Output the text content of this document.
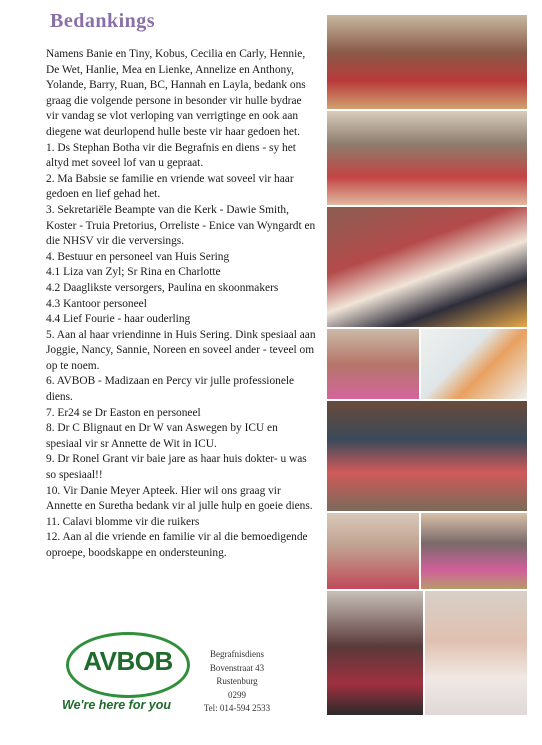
Bedankings

Namens Banie en Tiny, Kobus, Cecilia en Carly, Hennie, De Wet, Hanlie, Mea en Lienke, Annelize en Anthony, Yolande, Barry, Ruan, BC, Hannah en Layla, bedank ons graag die volgende persone in besonder vir hulle bydrae vir vandag se vlot verloping van verrigtinge en ook aan diegene wat deurlopend hulle beste vir haar gedoen het.

1. Ds Stephan Botha vir die Begrafnis en diens - sy het altyd met soveel lof van u gepraat.
2. Ma Babsie se familie en vriende wat soveel vir haar gedoen en lief gehad het.
3. Sekretariële Beampte van die Kerk - Dawie Smith, Koster - Truia Pretorius, Orreliste - Enice van Wyngardt en die NHSV vir die verversings.
4. Bestuur en personeel van Huis Sering
4.1 Liza van Zyl; Sr Rina en Charlotte
4.2 Daaglikste versorgers, Paulina en skoonmakers
4.3 Kantoor personeel
4.4 Lief Fourie - haar ouderling
5. Aan al haar vriendinne in Huis Sering. Dink spesiaal aan Joggie, Nancy, Sannie, Noreen en soveel ander - teveel om op te noem.
6. AVBOB - Madizaan en Percy vir julle professionele diens.
7. Er24 se Dr Easton en personeel
8. Dr C Blignaut en Dr W van Aswegen by ICU en spesiaal vir sr Annette de Wit in ICU.
9. Dr Ronel Grant vir baie jare as haar huis dokter- u was so spesiaal!!
10. Vir Danie Meyer Apteek. Hier wil ons graag vir Annette en Suretha bedank vir al julle hulp en goeie diens.
11. Calavi blomme vir die ruikers
12. Aan al die vriende en familie vir al die bemoedigende oproepe, boodskappe en ondersteuning.
AVBOB
We're here for you
Begrafnisdiens
Bovenstraat 43
Rustenburg
0299
Tel: 014-594 2533
